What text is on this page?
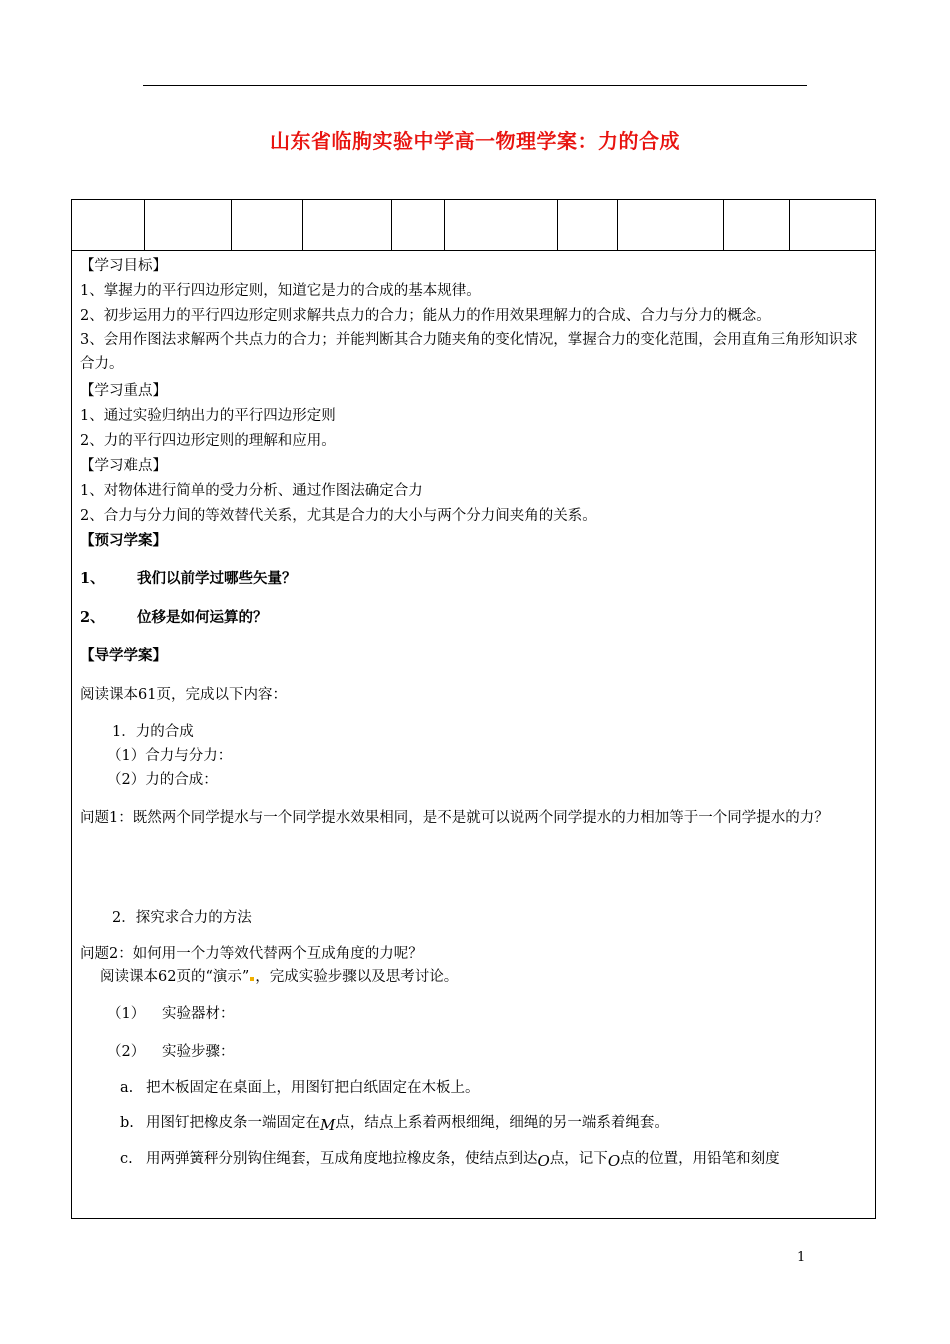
山东省临朐实验中学高一物理学案：力的合成
【学习目标】
1、掌握力的平行四边形定则，知道它是力的合成的基本规律。
2、初步运用力的平行四边形定则求解共点力的合力；能从力的作用效果理解力的合成、合力与分力的概念。
3、会用作图法求解两个共点力的合力；并能判断其合力随夹角的变化情况，掌握合力的变化范围，会用直角三角形知识求合力。
【学习重点】
1、通过实验归纳出力的平行四边形定则
2、力的平行四边形定则的理解和应用。
【学习难点】
1、对物体进行简单的受力分析、通过作图法确定合力
2、合力与分力间的等效替代关系，尤其是合力的大小与两个分力间夹角的关系。
【预习学案】
1、 我们以前学过哪些矢量？
2、 位移是如何运算的？
【导学学案】
阅读课本61页，完成以下内容：
1．力的合成
（1）合力与分力：
（2）力的合成：
问题1：既然两个同学提水与一个同学提水效果相同，是不是就可以说两个同学提水的力相加等于一个同学提水的力？
2．探究求合力的方法
问题2：如何用一个力等效代替两个互成角度的力呢？
阅读课本62页的“演示” ，完成实验步骤以及思考讨论。
（1） 实验器材：
（2） 实验步骤：
a. 把木板固定在桌面上，用图钉把白纸固定在木板上。
b. 用图钉把橡皮条一端固定在M点，结点上系着两根细绳，细绳的另一端系着绳套。
c. 用两弹簧秤分别钩住绳套，互成角度地拉橡皮条，使结点到达O点，记下O点的位置，用铅笔和刻度
1
